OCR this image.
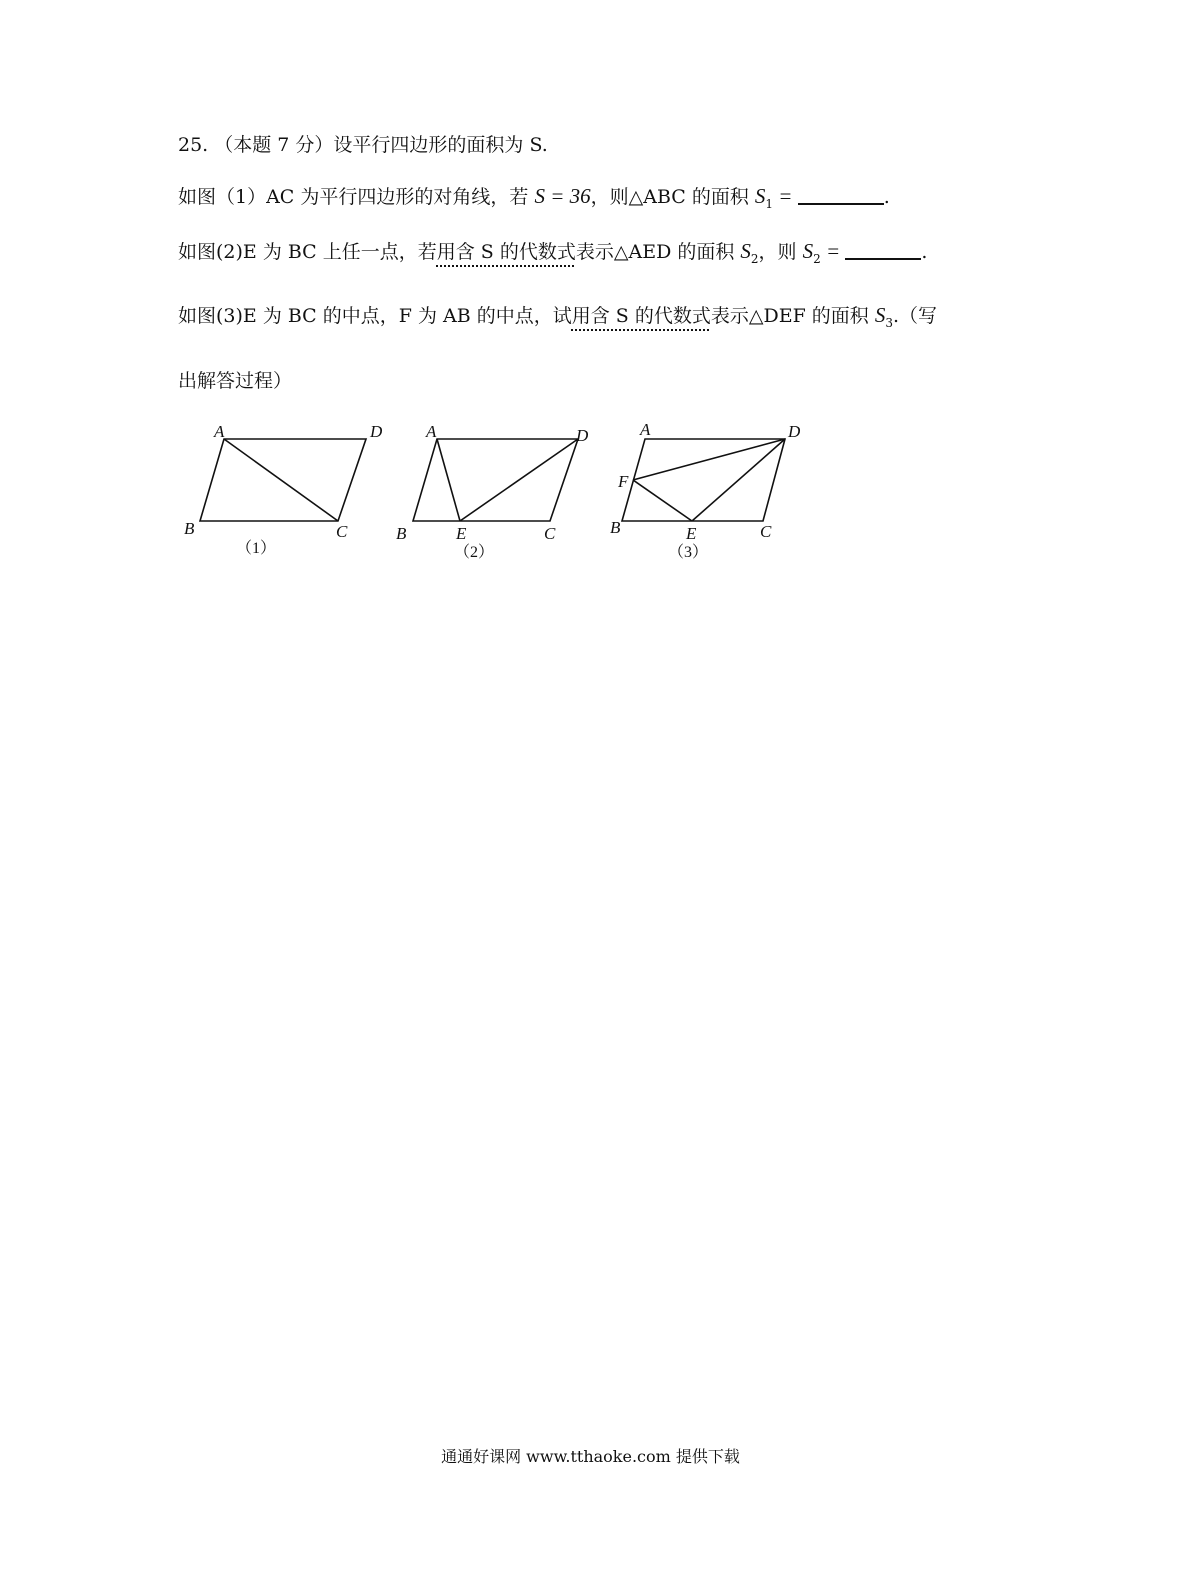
25. （本题 7 分）设平行四边形的面积为 S.
如图（1）AC 为平行四边形的对角线，若 S = 36，则△ABC 的面积 $S_1$ =	.
如图(2)E 为 BC 上任一点，若用含 S 的代数式表示△AED 的面积 $S_2$，则 $S_2$ =	.
如图(3)E 为 BC 的中点，F 为 AB 的中点，试用含 S 的代数式表示△DEF 的面积 $S_3$.（写
出解答过程）
A	D
B	C
（1）
A	D
B	E	C
（2）
A	D
F
B	E	C
（3）
通通好课网 www.tthaoke.com 提供下载
